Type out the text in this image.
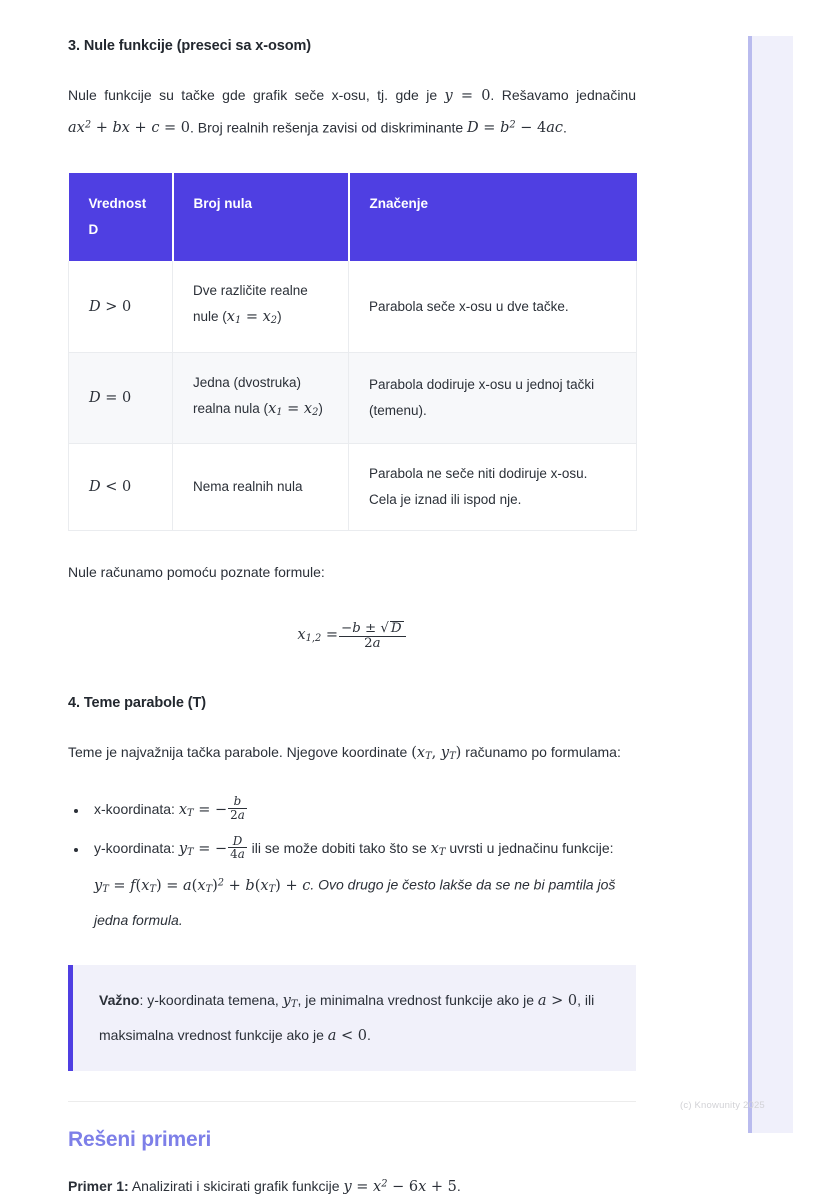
3. Nule funkcije (preseci sa x-osom)

Nule funkcije su tačke gde grafik seče x-osu, tj. gde je y = 0. Rešavamo jednačinu $ax^2$ + bx + c = 0. Broj realnih rešenja zavisi od diskriminante $D = b^2 - 4ac$.

Vrednost
D	Broj nula	Značenje
D > 0	Dve različite realne nule $(x_1 = x_2)$	Parabola seče x-osu u dve tačke.
D = 0	Jedna (dvostruka) realna nula $(x_1 = x_2)$	Parabola dodiruje x-osu u jednoj tački (temenu).
D < 0	Nema realnih nula	Parabola ne seče niti dodiruje x-osu. Cela je iznad ili ispod nje.

Nule računamo pomoću poznate formule:

$x_{1,2} = \frac{-b \pm √ D}{2a}$
4. Teme parabole (T)

Teme je najvažnija tačka parabole. Njegove koordinate ($x_T$, $y_T$) računamo po formulama:

• x-koordinata: $x_T$ = − $\frac{b}{2a}$
• y-koordinata: $y_T$ = − $\frac{D}{4a}$ ili se može dobiti tako što se $x_T$ uvrsti u jednačinu funkcije: $y_T = f(x_T) = a(x_T)^2 + b(x_T) + c$. Ovo drugo je često lakše da se ne bi pamtila još jedna formula.
Važno: y-koordinata temena, $y_T$, je minimalna vrednost funkcije ako je a > 0, ili maksimalna vrednost funkcije ako je a < 0.
Rešeni primeri

Primer 1: Analizirati i skicirati grafik funkcije $y = x^2 - 6x + 5$.

(c) Knowunity 2025
